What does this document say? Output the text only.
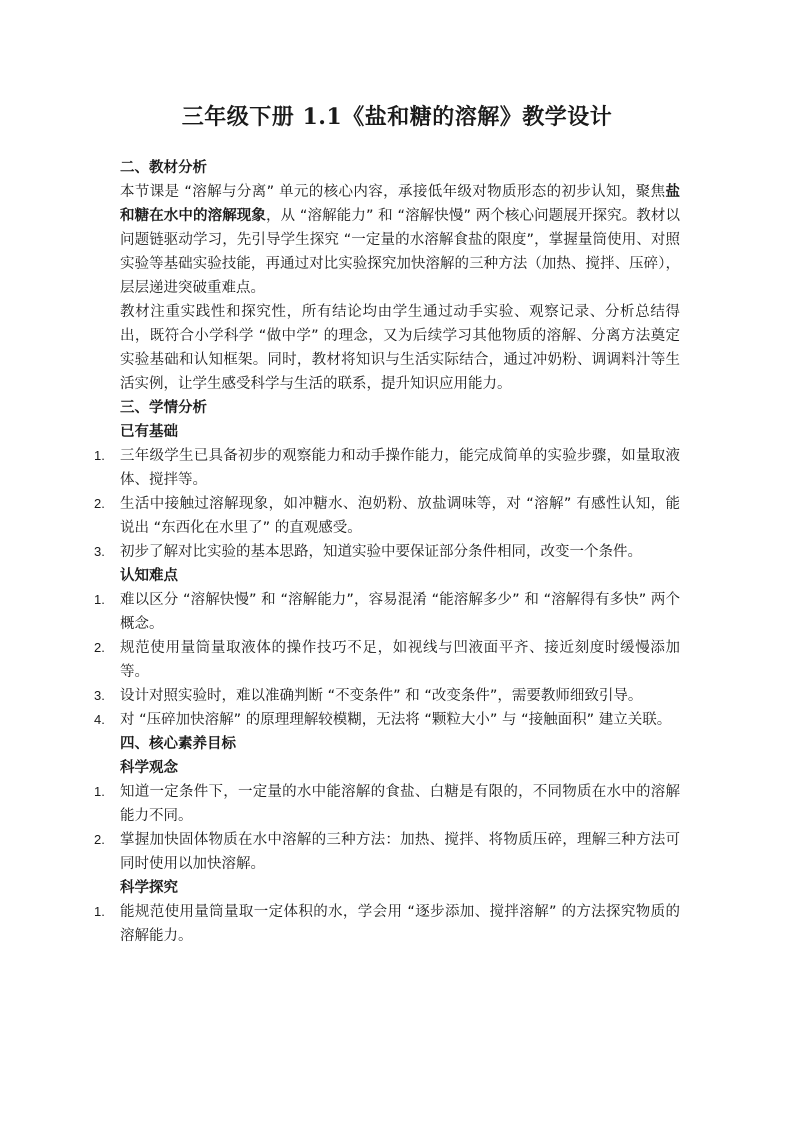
三年级下册 1.1《盐和糖的溶解》教学设计
二、教材分析

本节课是 “溶解与分离” 单元的核心内容，承接低年级对物质形态的初步认知，聚焦盐和糖在水中的溶解现象，从 “溶解能力” 和 “溶解快慢” 两个核心问题展开探究。教材以问题链驱动学习，先引导学生探究 “一定量的水溶解食盐的限度”，掌握量筒使用、对照实验等基础实验技能，再通过对比实验探究加快溶解的三种方法（加热、搅拌、压碎），层层递进突破重难点。

教材注重实践性和探究性，所有结论均由学生通过动手实验、观察记录、分析总结得出，既符合小学科学 “做中学” 的理念，又为后续学习其他物质的溶解、分离方法奠定实验基础和认知框架。同时，教材将知识与生活实际结合，通过冲奶粉、调调料汁等生活实例，让学生感受科学与生活的联系，提升知识应用能力。

三、学情分析
已有基础
1.	三年级学生已具备初步的观察能力和动手操作能力，能完成简单的实验步骤，如量取液体、搅拌等。
2.	生活中接触过溶解现象，如冲糖水、泡奶粉、放盐调味等，对 “溶解” 有感性认知，能说出 “东西化在水里了” 的直观感受。
3.	初步了解对比实验的基本思路，知道实验中要保证部分条件相同，改变一个条件。
认知难点
1.	难以区分 “溶解快慢” 和 “溶解能力”，容易混淆 “能溶解多少” 和 “溶解得有多快” 两个概念。
2.	规范使用量筒量取液体的操作技巧不足，如视线与凹液面平齐、接近刻度时缓慢添加等。
3.	设计对照实验时，难以准确判断 “不变条件” 和 “改变条件”，需要教师细致引导。
4.	对 “压碎加快溶解” 的原理理解较模糊，无法将 “颗粒大小” 与 “接触面积” 建立关联。
四、核心素养目标
科学观念
1.	知道一定条件下，一定量的水中能溶解的食盐、白糖是有限的，不同物质在水中的溶解能力不同。
2.	掌握加快固体物质在水中溶解的三种方法：加热、搅拌、将物质压碎，理解三种方法可同时使用以加快溶解。
科学探究
1.	能规范使用量筒量取一定体积的水，学会用 “逐步添加、搅拌溶解” 的方法探究物质的溶解能力。
